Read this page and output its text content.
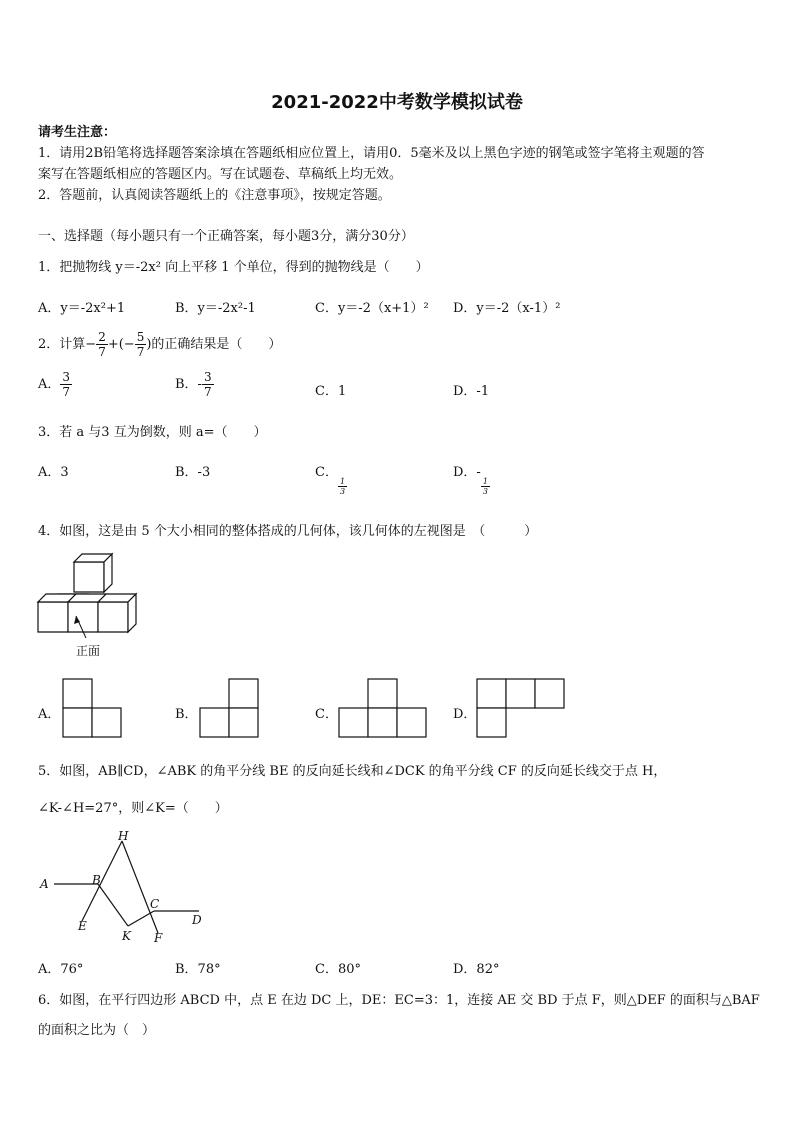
2021-2022中考数学模拟试卷
请考生注意：
1．请用2B铅笔将选择题答案涂填在答题纸相应位置上，请用0．5毫米及以上黑色字迹的钢笔或签字笔将主观题的答
案写在答题纸相应的答题区内。写在试题卷、草稿纸上均无效。
2．答题前，认真阅读答题纸上的《注意事项》，按规定答题。
一、选择题（每小题只有一个正确答案，每小题3分，满分30分）
1．把抛物线 y＝-2x² 向上平移 1 个单位，得到的抛物线是（　　）
A．y＝-2x²+1	B．y＝-2x²-1	C．y＝-2（x+1）² D．y＝-2（x-1）²
2．计算− $\frac{2}{7}$ +(− $\frac{5}{7}$ )的正确结果是（　　）
A． $\frac{3}{7}$	B．- $\frac{3}{7}$	C．1	D．-1
3．若 a 与3 互为倒数，则 a=（　　）
A．3	B．-3	C．
$\frac{1}{3}$
D．-
$\frac{1}{3}$
4．如图，这是由 5 个大小相同的整体搭成的几何体，该几何体的左视图是　（　　　）
正面
A．	B．	C．	D．
5．如图，AB∥CD，∠ABK 的角平分线 BE 的反向延长线和∠DCK 的角平分线 CF 的反向延长线交于点 H，
∠K-∠H=27°，则∠K=（　　）
H
A	B
C
D
E
K F
A．76°	B．78°	C．80°	D．82°
6．如图，在平行四边形 ABCD 中，点 E 在边 DC 上，DE：EC=3：1，连接 AE 交 BD 于点 F，则△DEF 的面积与△BAF
的面积之比为（　）
